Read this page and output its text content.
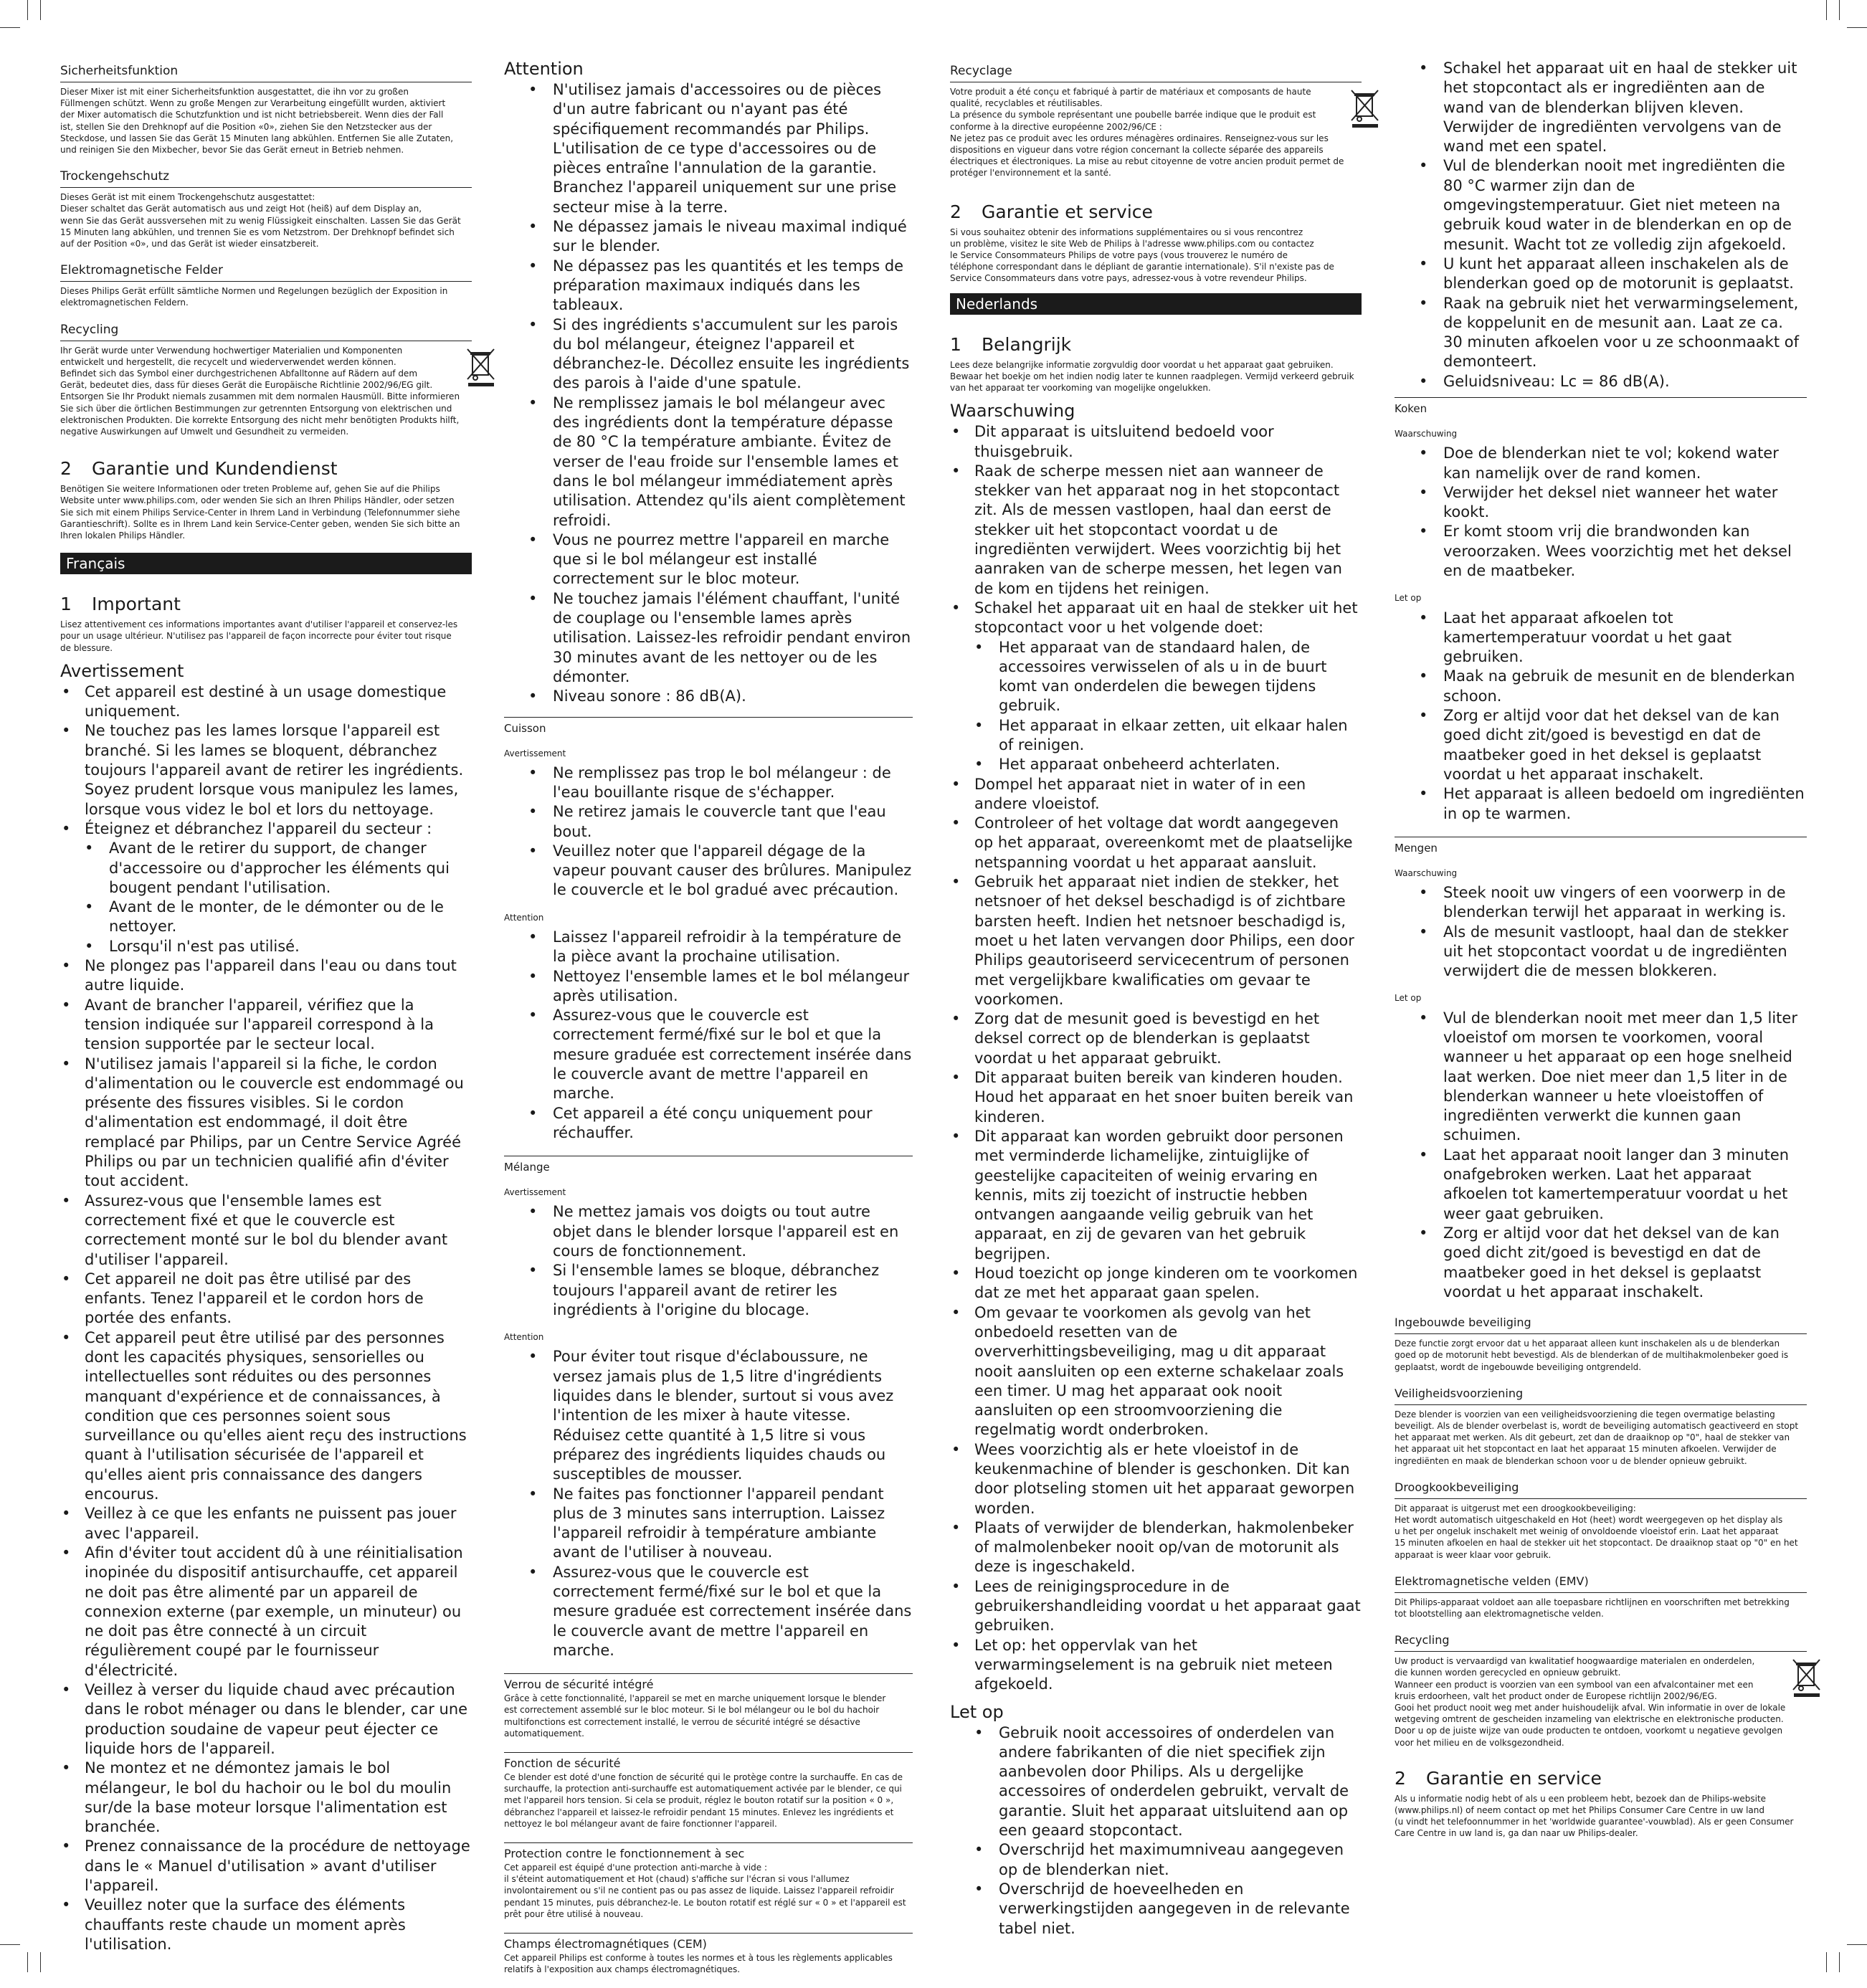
Sicherheitsfunktion
Dieser Mixer ist mit einer Sicherheitsfunktion ausgestattet, die ihn vor zu großen
Füllmengen schützt. Wenn zu große Mengen zur Verarbeitung eingefüllt wurden, aktiviert
der Mixer automatisch die Schutzfunktion und ist nicht betriebsbereit. Wenn dies der Fall
ist, stellen Sie den Drehknopf auf die Position «0», ziehen Sie den Netzstecker aus der
Steckdose, und lassen Sie das Gerät 15 Minuten lang abkühlen. Entfernen Sie alle Zutaten,
und reinigen Sie den Mixbecher, bevor Sie das Gerät erneut in Betrieb nehmen.
Trockengehschutz
Dieses Gerät ist mit einem Trockengehschutz ausgestattet:
Dieser schaltet das Gerät automatisch aus und zeigt Hot (heiß) auf dem Display an,
wenn Sie das Gerät aussversehen mit zu wenig Flüssigkeit einschalten. Lassen Sie das Gerät
15 Minuten lang abkühlen, und trennen Sie es vom Netzstrom. Der Drehknopf befindet sich
auf der Position «0», und das Gerät ist wieder einsatzbereit.
Elektromagnetische Felder
Dieses Philips Gerät erfüllt sämtliche Normen und Regelungen bezüglich der Exposition in
elektromagnetischen Feldern.
Recycling
Ihr Gerät wurde unter Verwendung hochwertiger Materialien und Komponenten
entwickelt und hergestellt, die recycelt und wiederverwendet werden können.
Befindet sich das Symbol einer durchgestrichenen Abfalltonne auf Rädern auf dem
Gerät, bedeutet dies, dass für dieses Gerät die Europäische Richtlinie 2002/96/EG gilt.
Entsorgen Sie Ihr Produkt niemals zusammen mit dem normalen Hausmüll. Bitte informieren
Sie sich über die örtlichen Bestimmungen zur getrennten Entsorgung von elektrischen und
elektronischen Produkten. Die korrekte Entsorgung des nicht mehr benötigten Produkts hilft,
negative Auswirkungen auf Umwelt und Gesundheit zu vermeiden.
2 Garantie und Kundendienst
Benötigen Sie weitere Informationen oder treten Probleme auf, gehen Sie auf die Philips
Website unter www.philips.com, oder wenden Sie sich an Ihren Philips Händler, oder setzen
Sie sich mit einem Philips Service-Center in Ihrem Land in Verbindung (Telefonnummer siehe
Garantieschrift). Sollte es in Ihrem Land kein Service-Center geben, wenden Sie sich bitte an
Ihren lokalen Philips Händler.
Français
1 Important
Lisez attentivement ces informations importantes avant d'utiliser l'appareil et conservez-les
pour un usage ultérieur. N'utilisez pas l'appareil de façon incorrecte pour éviter tout risque
de blessure.
Avertissement
• Cet appareil est destiné à un usage domestique uniquement.
• Ne touchez pas les lames lorsque l'appareil est branché. Si les lames se bloquent, débranchez toujours l'appareil avant de retirer les ingrédients. Soyez prudent lorsque vous manipulez les lames, lorsque vous videz le bol et lors du nettoyage.
• Éteignez et débranchez l'appareil du secteur :
• Avant de le retirer du support, de changer d'accessoire ou d'approcher les éléments qui bougent pendant l'utilisation.
• Avant de le monter, de le démonter ou de le nettoyer.
• Lorsqu'il n'est pas utilisé.
• Ne plongez pas l'appareil dans l'eau ou dans tout autre liquide.
• Avant de brancher l'appareil, vérifiez que la tension indiquée sur l'appareil correspond à la tension supportée par le secteur local.
• N'utilisez jamais l'appareil si la fiche, le cordon d'alimentation ou le couvercle est endommagé ou présente des fissures visibles. Si le cordon d'alimentation est endommagé, il doit être remplacé par Philips, par un Centre Service Agréé Philips ou par un technicien qualifié afin d'éviter tout accident.
• Assurez-vous que l'ensemble lames est correctement fixé et que le couvercle est correctement monté sur le bol du blender avant d'utiliser l'appareil.
• Cet appareil ne doit pas être utilisé par des enfants. Tenez l'appareil et le cordon hors de portée des enfants.
• Cet appareil peut être utilisé par des personnes dont les capacités physiques, sensorielles ou intellectuelles sont réduites ou des personnes manquant d'expérience et de connaissances, à condition que ces personnes soient sous surveillance ou qu'elles aient reçu des instructions quant à l'utilisation sécurisée de l'appareil et qu'elles aient pris connaissance des dangers encourus.
• Veillez à ce que les enfants ne puissent pas jouer avec l'appareil.
• Afin d'éviter tout accident dû à une réinitialisation inopinée du dispositif antisurchauffe, cet appareil ne doit pas être alimenté par un appareil de connexion externe (par exemple, un minuteur) ou ne doit pas être connecté à un circuit régulièrement coupé par le fournisseur d'électricité.
• Veillez à verser du liquide chaud avec précaution dans le robot ménager ou dans le blender, car une production soudaine de vapeur peut éjecter ce liquide hors de l'appareil.
• Ne montez et ne démontez jamais le bol mélangeur, le bol du hachoir ou le bol du moulin sur/de la base moteur lorsque l'alimentation est branchée.
• Prenez connaissance de la procédure de nettoyage dans le « Manuel d'utilisation » avant d'utiliser l'appareil.
• Veuillez noter que la surface des éléments chauffants reste chaude un moment après l'utilisation.
Attention
• N'utilisez jamais d'accessoires ou de pièces d'un autre fabricant ou n'ayant pas été spécifiquement recommandés par Philips. L'utilisation de ce type d'accessoires ou de pièces entraîne l'annulation de la garantie. Branchez l'appareil uniquement sur une prise secteur mise à la terre.
• Ne dépassez jamais le niveau maximal indiqué sur le blender.
• Ne dépassez pas les quantités et les temps de préparation maximaux indiqués dans les tableaux.
• Si des ingrédients s'accumulent sur les parois du bol mélangeur, éteignez l'appareil et débranchez-le. Décollez ensuite les ingrédients des parois à l'aide d'une spatule.
• Ne remplissez jamais le bol mélangeur avec des ingrédients dont la température dépasse de 80 °C la température ambiante. Évitez de verser de l'eau froide sur l'ensemble lames et dans le bol mélangeur immédiatement après utilisation. Attendez qu'ils aient complètement refroidi.
• Vous ne pourrez mettre l'appareil en marche que si le bol mélangeur est installé correctement sur le bloc moteur.
• Ne touchez jamais l'élément chauffant, l'unité de couplage ou l'ensemble lames après utilisation. Laissez-les refroidir pendant environ 30 minutes avant de les nettoyer ou de les démonter.
• Niveau sonore : 86 dB(A).
Cuisson
Avertissement
• Ne remplissez pas trop le bol mélangeur : de l'eau bouillante risque de s'échapper.
• Ne retirez jamais le couvercle tant que l'eau bout.
• Veuillez noter que l'appareil dégage de la vapeur pouvant causer des brûlures. Manipulez le couvercle et le bol gradué avec précaution.
Attention
• Laissez l'appareil refroidir à la température de la pièce avant la prochaine utilisation.
• Nettoyez l'ensemble lames et le bol mélangeur après utilisation.
• Assurez-vous que le couvercle est correctement fermé/fixé sur le bol et que la mesure graduée est correctement insérée dans le couvercle avant de mettre l'appareil en marche.
• Cet appareil a été conçu uniquement pour réchauffer.
Mélange
Avertissement
• Ne mettez jamais vos doigts ou tout autre objet dans le blender lorsque l'appareil est en cours de fonctionnement.
• Si l'ensemble lames se bloque, débranchez toujours l'appareil avant de retirer les ingrédients à l'origine du blocage.
Attention
• Pour éviter tout risque d'éclaboussure, ne versez jamais plus de 1,5 litre d'ingrédients liquides dans le blender, surtout si vous avez l'intention de les mixer à haute vitesse. Réduisez cette quantité à 1,5 litre si vous préparez des ingrédients liquides chauds ou susceptibles de mousser.
• Ne faites pas fonctionner l'appareil pendant plus de 3 minutes sans interruption. Laissez l'appareil refroidir à température ambiante avant de l'utiliser à nouveau.
• Assurez-vous que le couvercle est correctement fermé/fixé sur le bol et que la mesure graduée est correctement insérée dans le couvercle avant de mettre l'appareil en marche.
Verrou de sécurité intégré
Grâce à cette fonctionnalité, l'appareil se met en marche uniquement lorsque le blender
est correctement assemblé sur le bloc moteur. Si le bol mélangeur ou le bol du hachoir
multifonctions est correctement installé, le verrou de sécurité intégré se désactive
automatiquement.
Fonction de sécurité
Ce blender est doté d'une fonction de sécurité qui le protège contre la surchauffe. En cas de
surchauffe, la protection anti-surchauffe est automatiquement activée par le blender, ce qui
met l'appareil hors tension. Si cela se produit, réglez le bouton rotatif sur la position « 0 »,
débranchez l'appareil et laissez-le refroidir pendant 15 minutes. Enlevez les ingrédients et
nettoyez le bol mélangeur avant de faire fonctionner l'appareil.
Protection contre le fonctionnement à sec
Cet appareil est équipé d'une protection anti-marche à vide :
il s'éteint automatiquement et Hot (chaud) s'affiche sur l'écran si vous l'allumez
involontairement ou s'il ne contient pas ou pas assez de liquide. Laissez l'appareil refroidir
pendant 15 minutes, puis débranchez-le. Le bouton rotatif est réglé sur « 0 » et l'appareil est
prêt pour être utilisé à nouveau.
Champs électromagnétiques (CEM)
Cet appareil Philips est conforme à toutes les normes et à tous les règlements applicables
relatifs à l'exposition aux champs électromagnétiques.
Recyclage
Votre produit a été conçu et fabriqué à partir de matériaux et composants de haute
qualité, recyclables et réutilisables.
La présence du symbole représentant une poubelle barrée indique que le produit est
conforme à la directive européenne 2002/96/CE :
Ne jetez pas ce produit avec les ordures ménagères ordinaires. Renseignez-vous sur les
dispositions en vigueur dans votre région concernant la collecte séparée des appareils
électriques et électroniques. La mise au rebut citoyenne de votre ancien produit permet de
protéger l'environnement et la santé.
2 Garantie et service
Si vous souhaitez obtenir des informations supplémentaires ou si vous rencontrez
un problème, visitez le site Web de Philips à l'adresse www.philips.com ou contactez
le Service Consommateurs Philips de votre pays (vous trouverez le numéro de
téléphone correspondant dans le dépliant de garantie internationale). S'il n'existe pas de
Service Consommateurs dans votre pays, adressez-vous à votre revendeur Philips.
Nederlands
1 Belangrijk
Lees deze belangrijke informatie zorgvuldig door voordat u het apparaat gaat gebruiken.
Bewaar het boekje om het indien nodig later te kunnen raadplegen. Vermijd verkeerd gebruik
van het apparaat ter voorkoming van mogelijke ongelukken.
Waarschuwing
• Dit apparaat is uitsluitend bedoeld voor thuisgebruik.
• Raak de scherpe messen niet aan wanneer de stekker van het apparaat nog in het stopcontact zit. Als de messen vastlopen, haal dan eerst de stekker uit het stopcontact voordat u de ingrediënten verwijdert. Wees voorzichtig bij het aanraken van de scherpe messen, het legen van de kom en tijdens het reinigen.
• Schakel het apparaat uit en haal de stekker uit het stopcontact voor u het volgende doet:
• Het apparaat van de standaard halen, de accessoires verwisselen of als u in de buurt komt van onderdelen die bewegen tijdens gebruik.
• Het apparaat in elkaar zetten, uit elkaar halen of reinigen.
• Het apparaat onbeheerd achterlaten.
• Dompel het apparaat niet in water of in een andere vloeistof.
• Controleer of het voltage dat wordt aangegeven op het apparaat, overeenkomt met de plaatselijke netspanning voordat u het apparaat aansluit.
• Gebruik het apparaat niet indien de stekker, het netsnoer of het deksel beschadigd is of zichtbare barsten heeft. Indien het netsnoer beschadigd is, moet u het laten vervangen door Philips, een door Philips geautoriseerd servicecentrum of personen met vergelijkbare kwalificaties om gevaar te voorkomen.
• Zorg dat de mesunit goed is bevestigd en het deksel correct op de blenderkan is geplaatst voordat u het apparaat gebruikt.
• Dit apparaat buiten bereik van kinderen houden. Houd het apparaat en het snoer buiten bereik van kinderen.
• Dit apparaat kan worden gebruikt door personen met verminderde lichamelijke, zintuiglijke of geestelijke capaciteiten of weinig ervaring en kennis, mits zij toezicht of instructie hebben ontvangen aangaande veilig gebruik van het apparaat, en zij de gevaren van het gebruik begrijpen.
• Houd toezicht op jonge kinderen om te voorkomen dat ze met het apparaat gaan spelen.
• Om gevaar te voorkomen als gevolg van het onbedoeld resetten van de oververhittingsbeveiliging, mag u dit apparaat nooit aansluiten op een externe schakelaar zoals een timer. U mag het apparaat ook nooit aansluiten op een stroomvoorziening die regelmatig wordt onderbroken.
• Wees voorzichtig als er hete vloeistof in de keukenmachine of blender is geschonken. Dit kan door plotseling stomen uit het apparaat geworpen worden.
• Plaats of verwijder de blenderkan, hakmolenbeker of malmolenbeker nooit op/van de motorunit als deze is ingeschakeld.
• Lees de reinigingsprocedure in de gebruikershandleiding voordat u het apparaat gaat gebruiken.
• Let op: het oppervlak van het verwarmingselement is na gebruik niet meteen afgekoeld.
Let op
• Gebruik nooit accessoires of onderdelen van andere fabrikanten of die niet specifiek zijn aanbevolen door Philips. Als u dergelijke accessoires of onderdelen gebruikt, vervalt de garantie. Sluit het apparaat uitsluitend aan op een geaard stopcontact.
• Overschrijd het maximumniveau aangegeven op de blenderkan niet.
• Overschrijd de hoeveelheden en verwerkingstijden aangegeven in de relevante tabel niet.
• Schakel het apparaat uit en haal de stekker uit het stopcontact als er ingrediënten aan de wand van de blenderkan blijven kleven. Verwijder de ingrediënten vervolgens van de wand met een spatel.
• Vul de blenderkan nooit met ingrediënten die 80 °C warmer zijn dan de omgevingstemperatuur. Giet niet meteen na gebruik koud water in de blenderkan en op de mesunit. Wacht tot ze volledig zijn afgekoeld.
• U kunt het apparaat alleen inschakelen als de blenderkan goed op de motorunit is geplaatst.
• Raak na gebruik niet het verwarmingselement, de koppelunit en de mesunit aan. Laat ze ca. 30 minuten afkoelen voor u ze schoonmaakt of demonteert.
• Geluidsniveau: Lc = 86 dB(A).
Koken
Waarschuwing
• Doe de blenderkan niet te vol; kokend water kan namelijk over de rand komen.
• Verwijder het deksel niet wanneer het water kookt.
• Er komt stoom vrij die brandwonden kan veroorzaken. Wees voorzichtig met het deksel en de maatbeker.
Let op
• Laat het apparaat afkoelen tot kamertemperatuur voordat u het gaat gebruiken.
• Maak na gebruik de mesunit en de blenderkan schoon.
• Zorg er altijd voor dat het deksel van de kan goed dicht zit/goed is bevestigd en dat de maatbeker goed in het deksel is geplaatst voordat u het apparaat inschakelt.
• Het apparaat is alleen bedoeld om ingrediënten in op te warmen.
Mengen
Waarschuwing
• Steek nooit uw vingers of een voorwerp in de blenderkan terwijl het apparaat in werking is.
• Als de mesunit vastloopt, haal dan de stekker uit het stopcontact voordat u de ingrediënten verwijdert die de messen blokkeren.
Let op
• Vul de blenderkan nooit met meer dan 1,5 liter vloeistof om morsen te voorkomen, vooral wanneer u het apparaat op een hoge snelheid laat werken. Doe niet meer dan 1,5 liter in de blenderkan wanneer u hete vloeistoffen of ingrediënten verwerkt die kunnen gaan schuimen.
• Laat het apparaat nooit langer dan 3 minuten onafgebroken werken. Laat het apparaat afkoelen tot kamertemperatuur voordat u het weer gaat gebruiken.
• Zorg er altijd voor dat het deksel van de kan goed dicht zit/goed is bevestigd en dat de maatbeker goed in het deksel is geplaatst voordat u het apparaat inschakelt.
Ingebouwde beveiliging
Deze functie zorgt ervoor dat u het apparaat alleen kunt inschakelen als u de blenderkan
goed op de motorunit hebt bevestigd. Als de blenderkan of de multihakmolenbeker goed is
geplaatst, wordt de ingebouwde beveiliging ontgrendeld.
Veiligheidsvoorziening
Deze blender is voorzien van een veiligheidsvoorziening die tegen overmatige belasting
beveiligt. Als de blender overbelast is, wordt de beveiliging automatisch geactiveerd en stopt
het apparaat met werken. Als dit gebeurt, zet dan de draaiknop op "0", haal de stekker van
het apparaat uit het stopcontact en laat het apparaat 15 minuten afkoelen. Verwijder de
ingrediënten en maak de blenderkan schoon voor u de blender opnieuw gebruikt.
Droogkookbeveiliging
Dit apparaat is uitgerust met een droogkookbeveiliging:
Het wordt automatisch uitgeschakeld en Hot (heet) wordt weergegeven op het display als
u het per ongeluk inschakelt met weinig of onvoldoende vloeistof erin. Laat het apparaat
15 minuten afkoelen en haal de stekker uit het stopcontact. De draaiknop staat op "0" en het
apparaat is weer klaar voor gebruik.
Elektromagnetische velden (EMV)
Dit Philips-apparaat voldoet aan alle toepasbare richtlijnen en voorschriften met betrekking
tot blootstelling aan elektromagnetische velden.
Recycling
Uw product is vervaardigd van kwalitatief hoogwaardige materialen en onderdelen,
die kunnen worden gerecycled en opnieuw gebruikt.
Wanneer een product is voorzien van een symbool van een afvalcontainer met een
kruis erdoorheen, valt het product onder de Europese richtlijn 2002/96/EG.
Gooi het product nooit weg met ander huishoudelijk afval. Win informatie in over de lokale
wetgeving omtrent de gescheiden inzameling van elektrische en elektronische producten.
Door u op de juiste wijze van oude producten te ontdoen, voorkomt u negatieve gevolgen
voor het milieu en de volksgezondheid.
2 Garantie en service
Als u informatie nodig hebt of als u een probleem hebt, bezoek dan de Philips-website
(www.philips.nl) of neem contact op met het Philips Consumer Care Centre in uw land
(u vindt het telefoonnummer in het 'worldwide guarantee'-vouwblad). Als er geen Consumer
Care Centre in uw land is, ga dan naar uw Philips-dealer.
